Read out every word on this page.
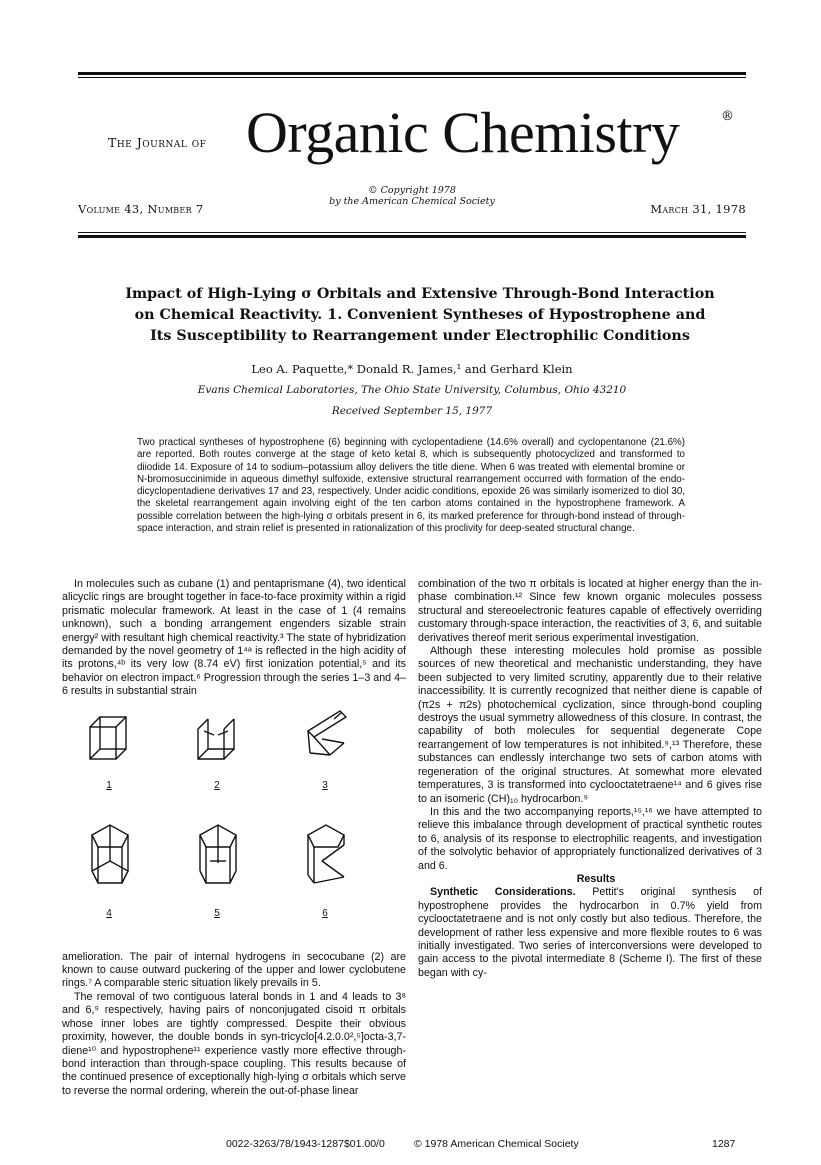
The Journal of Organic Chemistry	®
Volume 43, Number 7
© Copyright 1978
by the American Chemical Society
March 31, 1978
Impact of High-Lying σ Orbitals and Extensive Through-Bond Interaction
on Chemical Reactivity. 1. Convenient Syntheses of Hypostrophene and
Its Susceptibility to Rearrangement under Electrophilic Conditions
Leo A. Paquette,* Donald R. James,¹ and Gerhard Klein
Evans Chemical Laboratories, The Ohio State University, Columbus, Ohio 43210
Received September 15, 1977
Two practical syntheses of hypostrophene (6) beginning with cyclopentadiene (14.6% overall) and cyclopentanone (21.6%) are reported. Both routes converge at the stage of keto ketal 8, which is subsequently photocyclized and transformed to diiodide 14. Exposure of 14 to sodium–potassium alloy delivers the title diene. When 6 was treated with elemental bromine or N-bromosuccinimide in aqueous dimethyl sulfoxide, extensive structural rearrangement occurred with formation of the endo-dicyclopentadiene derivatives 17 and 23, respectively. Under acidic conditions, epoxide 26 was similarly isomerized to diol 30, the skeletal rearrangement again involving eight of the ten carbon atoms contained in the hypostrophene framework. A possible correlation between the high-lying σ orbitals present in 6, its marked preference for through-bond instead of through-space interaction, and strain relief is presented in rationalization of this proclivity for deep-seated structural change.

In molecules such as cubane (1) and pentaprismane (4), two identical alicyclic rings are brought together in face-to-face proximity within a rigid prismatic molecular framework. At least in the case of 1 (4 remains unknown), such a bonding arrangement engenders sizable strain energy² with resultant high chemical reactivity.³ The state of hybridization demanded by the novel geometry of 1⁴ᵃ is reflected in the high acidity of its protons,⁴ᵇ its very low (8.74 eV) first ionization potential,⁵ and its behavior on electron impact.⁶ Progression through the series 1–3 and 4–6 results in substantial strain

1	2	3
4	5	6

amelioration. The pair of internal hydrogens in secocubane (2) are known to cause outward puckering of the upper and lower cyclobutene rings.⁷ A comparable steric situation likely prevails in 5.

The removal of two contiguous lateral bonds in 1 and 4 leads to 3⁸ and 6,⁹ respectively, having pairs of nonconjugated cisoid π orbitals whose inner lobes are tightly compressed. Despite their obvious proximity, however, the double bonds in syn-tricyclo[4.2.0.0²,⁵]octa-3,7-diene¹⁰ and hypostrophene¹¹ experience vastly more effective through-bond interaction than through-space coupling. This results because of the continued presence of exceptionally high-lying σ orbitals which serve to reverse the normal ordering, wherein the out-of-phase linear

combination of the two π orbitals is located at higher energy than the in-phase combination.¹² Since few known organic molecules possess structural and stereoelectronic features capable of effectively overriding customary through-space interaction, the reactivities of 3, 6, and suitable derivatives thereof merit serious experimental investigation.

Although these interesting molecules hold promise as possible sources of new theoretical and mechanistic understanding, they have been subjected to very limited scrutiny, apparently due to their relative inaccessibility. It is currently recognized that neither diene is capable of (π2s + π2s) photochemical cyclization, since through-bond coupling destroys the usual symmetry allowedness of this closure. In contrast, the capability of both molecules for sequential degenerate Cope rearrangement of low temperatures is not inhibited.⁹,¹³ Therefore, these substances can endlessly interchange two sets of carbon atoms with regeneration of the original structures. At somewhat more elevated temperatures, 3 is transformed into cyclooctatetraene¹⁴ and 6 gives rise to an isomeric (CH)₁₀ hydrocarbon.⁹

In this and the two accompanying reports,¹⁵,¹⁶ we have attempted to relieve this imbalance through development of practical synthetic routes to 6, analysis of its response to electrophilic reagents, and investigation of the solvolytic behavior of appropriately functionalized derivatives of 3 and 6.

Results

Synthetic Considerations. Pettit's original synthesis of hypostrophene provides the hydrocarbon in 0.7% yield from cyclooctatetraene and is not only costly but also tedious. Therefore, the development of rather less expensive and more flexible routes to 6 was initially investigated. Two series of interconversions were developed to gain access to the pivotal intermediate 8 (Scheme I). The first of these began with cy-

0022-3263/78/1943-1287$01.00/0	© 1978 American Chemical Society	1287
